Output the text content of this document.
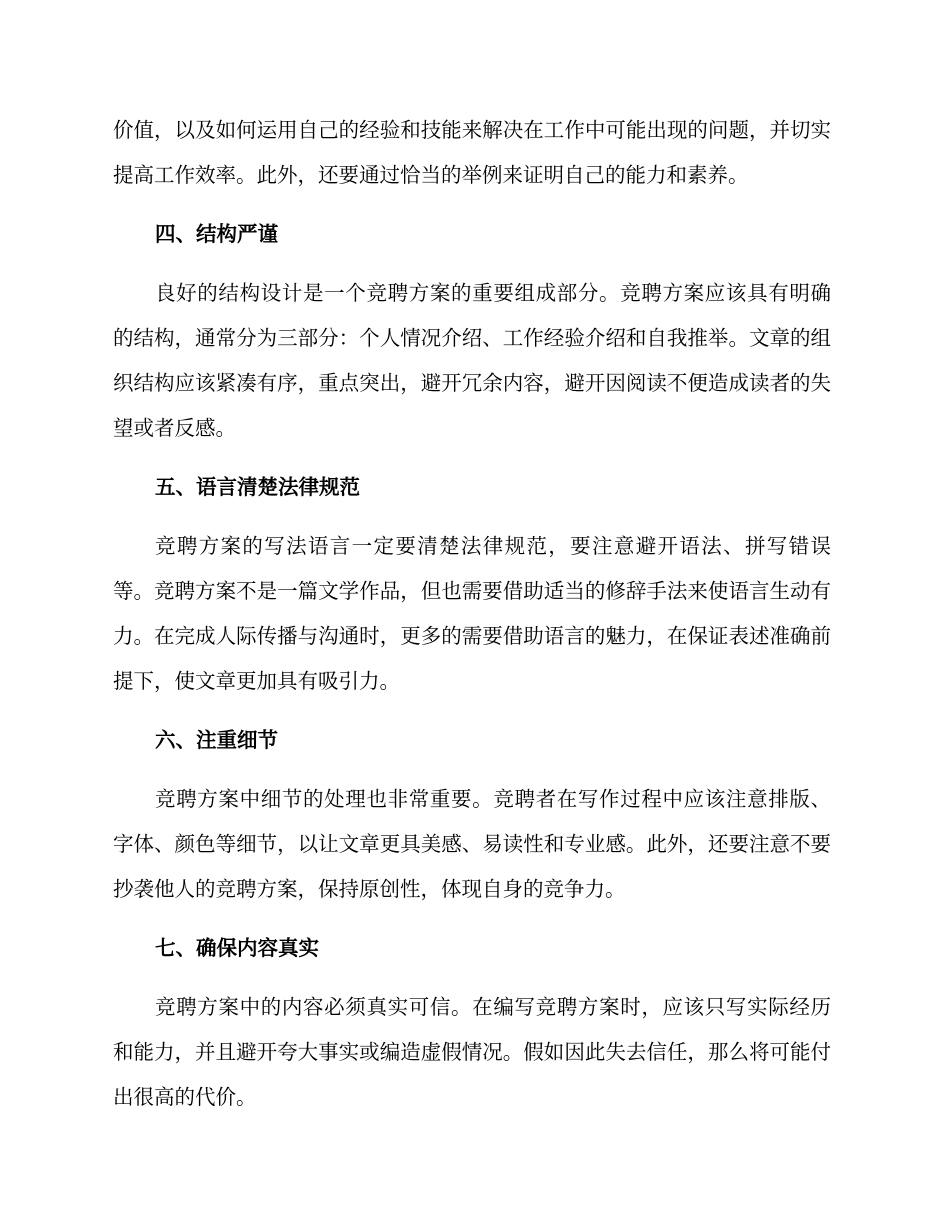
价值，以及如何运用自己的经验和技能来解决在工作中可能出现的问题，并切实提高工作效率。此外，还要通过恰当的举例来证明自己的能力和素养。

四、结构严谨

良好的结构设计是一个竞聘方案的重要组成部分。竞聘方案应该具有明确的结构，通常分为三部分：个人情况介绍、工作经验介绍和自我推举。文章的组织结构应该紧凑有序，重点突出，避开冗余内容，避开因阅读不便造成读者的失望或者反感。

五、语言清楚法律规范

竞聘方案的写法语言一定要清楚法律规范，要注意避开语法、拼写错误等。竞聘方案不是一篇文学作品，但也需要借助适当的修辞手法来使语言生动有力。在完成人际传播与沟通时，更多的需要借助语言的魅力，在保证表述准确前提下，使文章更加具有吸引力。

六、注重细节

竞聘方案中细节的处理也非常重要。竞聘者在写作过程中应该注意排版、字体、颜色等细节，以让文章更具美感、易读性和专业感。此外，还要注意不要抄袭他人的竞聘方案，保持原创性，体现自身的竞争力。

七、确保内容真实

竞聘方案中的内容必须真实可信。在编写竞聘方案时，应该只写实际经历和能力，并且避开夸大事实或编造虚假情况。假如因此失去信任，那么将可能付出很高的代价。
